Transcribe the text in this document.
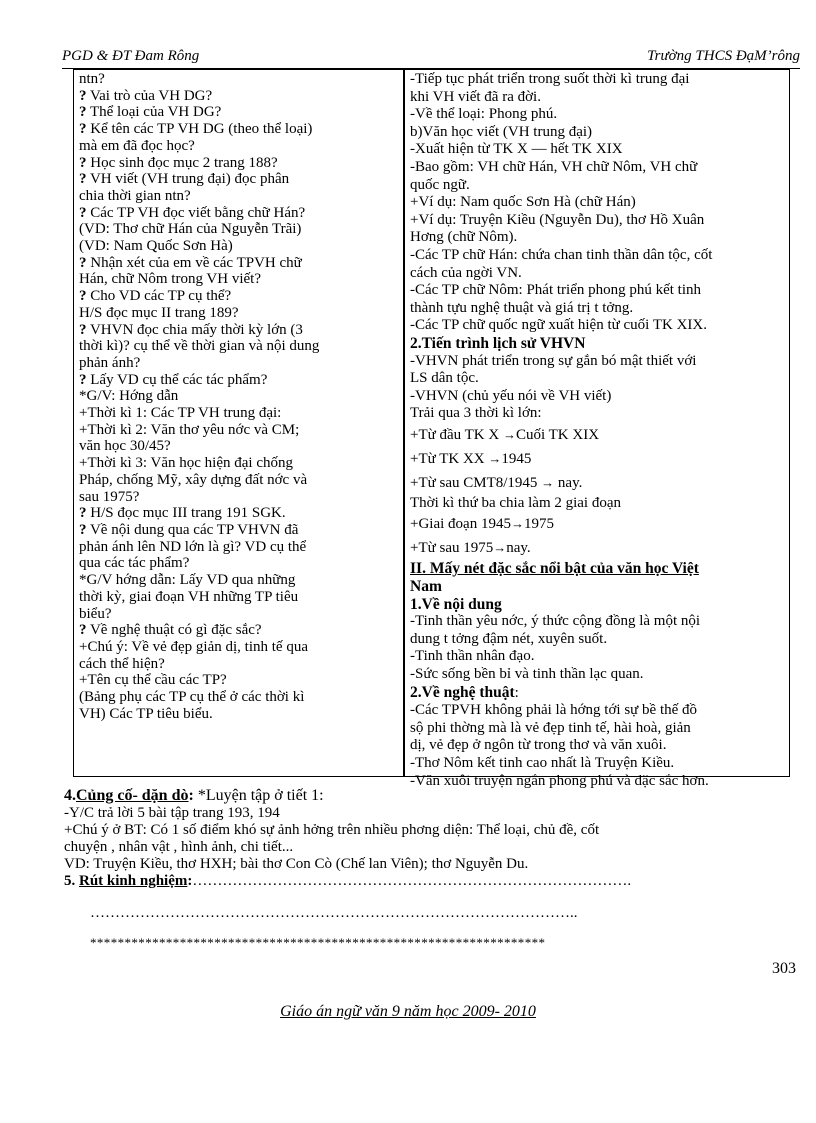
PGD & ĐT Đam Rông	Trường THCS ĐạM’rông
ntn?
? Vai trò của VH DG?
? Thể loại của VH DG?
? Kể tên các TP VH DG (theo thể loại)
mà em đã đọc học?
? Học sinh đọc mục 2 trang 188?
? VH viết (VH trung đại) đọc phân
chia thời gian ntn?
? Các TP VH đọc viết bằng chữ Hán?
(VD: Thơ chữ Hán của Nguyễn Trãi)
(VD: Nam Quốc Sơn Hà)
? Nhận xét của em về các TPVH chữ
Hán, chữ Nôm trong VH viết?
? Cho VD các TP cụ thể?
H/S đọc mục II trang 189?
? VHVN đọc chia mấy thời kỳ lớn (3
thời kì)? cụ thể về thời gian và nội dung
phản ánh?
? Lấy VD cụ thể các tác phẩm?
*G/V: Hớng dẫn
+Thời kì 1: Các TP VH trung đại:
+Thời kì 2: Văn thơ yêu nớc và CM;
văn học 30/45?
+Thời kì 3: Văn học hiện đại chống
Pháp, chống Mỹ, xây dựng đất nớc và
sau 1975?
? H/S đọc mục III trang 191 SGK.
? Về nội dung qua các TP VHVN đã
phản ánh lên ND lớn là gì? VD cụ thể
qua các tác phẩm?
*G/V hớng dẫn: Lấy VD qua những
thời kỳ, giai đoạn VH những TP tiêu
biểu?
? Về nghệ thuật có gì đặc sắc?
+Chú ý: Về vẻ đẹp giản dị, tinh tế qua
cách thể hiện?
+Tên cụ thể cầu các TP?
(Bảng phụ các TP cụ thể ở các thời kì
VH) Các TP tiêu biểu.
-Tiếp tục phát triển trong suốt thời kì trung đại
khi VH viết đã ra đời.
-Về thể loại: Phong phú.
b)Văn học viết (VH trung đại)
-Xuất hiện từ TK X — hết TK XIX
-Bao gồm: VH chữ Hán, VH chữ Nôm, VH chữ
quốc ngữ.
+Ví dụ: Nam quốc Sơn Hà (chữ Hán)
+Ví dụ: Truyện Kiều (Nguyễn Du), thơ Hồ Xuân
Hơng (chữ Nôm).
-Các TP chữ Hán: chứa chan tinh thần dân tộc, cốt
cách của ngời VN.
-Các TP chữ Nôm: Phát triển phong phú kết tinh
thành tựu nghệ thuật và giá trị t tởng.
-Các TP chữ quốc ngữ xuất hiện từ cuối TK XIX.
2.Tiến trình lịch sử VHVN
-VHVN phát triển trong sự gắn bó mật thiết với
LS dân tộc.
-VHVN (chủ yếu nói về VH viết)
Trải qua 3 thời kì lớn:
+Từ đầu TK X →Cuối TK XIX
+Từ TK XX →1945
+Từ sau CMT8/1945 → nay.
Thời kì thứ ba chia làm 2 giai đoạn
+Giai đoạn 1945→1975
+Từ sau 1975→nay.
II. Mấy nét đặc sắc nổi bật của văn học Việt
Nam
1.Về nội dung
-Tinh thần yêu nớc, ý thức cộng đồng là một nội
dung t tởng đậm nét, xuyên suốt.
-Tinh thần nhân đạo.
-Sức sống bền bỉ và tinh thần lạc quan.
2.Về nghệ thuật:
-Các TPVH không phải là hớng tới sự bề thế đồ
sộ phi thờng mà là vẻ đẹp tinh tế, hài hoà, giản
dị, vẻ đẹp ở ngôn từ trong thơ và văn xuôi.
-Thơ Nôm kết tinh cao nhất là Truyện Kiều.
-Văn xuôi truyện ngắn phong phú và đặc sắc hơn.
4.Củng cố- dặn dò: *Luyện tập ở tiết 1:
-Y/C trả lời 5 bài tập trang 193, 194
+Chú ý ở BT: Có 1 số điểm khó sự ảnh hởng trên nhiều phơng diện: Thể loại, chủ đề, cốt
chuyện , nhân vật , hình ảnh, chi tiết...
VD: Truyện Kiều, thơ HXH; bài thơ Con Cò (Chế lan Viên); thơ Nguyễn Du.
5. Rút kinh nghiệm:…………………………………………………………………………….
……………………………………………………………………………………..
******************************************************************
303
Giáo án ngữ văn 9 năm học 2009- 2010
